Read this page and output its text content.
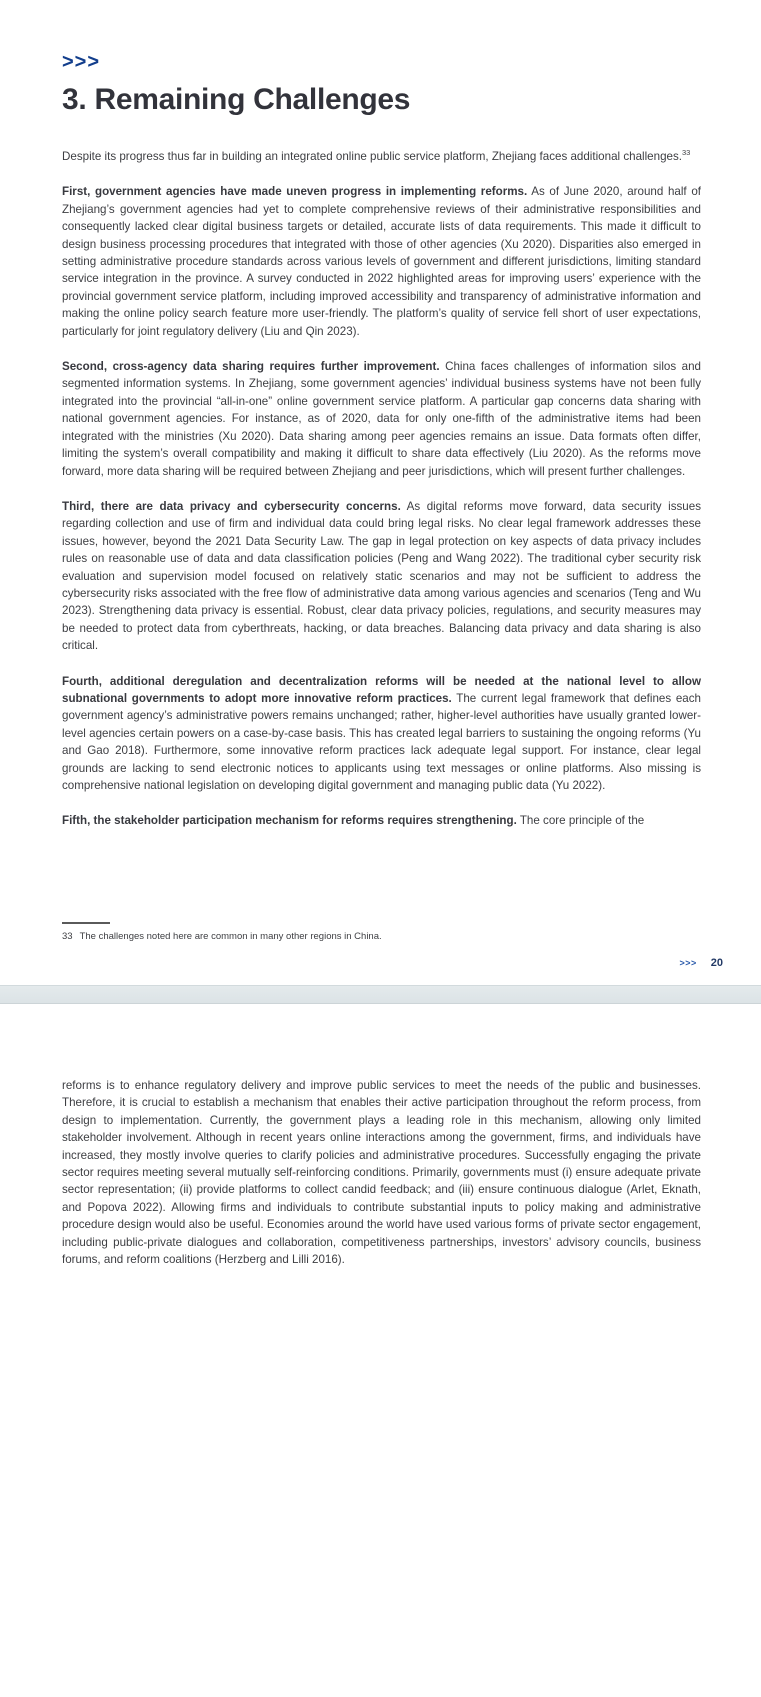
>>>
3. Remaining Challenges

Despite its progress thus far in building an integrated online public service platform, Zhejiang faces additional challenges.$^{33}$

First, government agencies have made uneven progress in implementing reforms. As of June 2020, around half of Zhejiang’s government agencies had yet to complete comprehensive reviews of their administrative responsibilities and consequently lacked clear digital business targets or detailed, accurate lists of data requirements. This made it difficult to design business processing procedures that integrated with those of other agencies (Xu 2020). Disparities also emerged in setting administrative procedure standards across various levels of government and different jurisdictions, limiting standard service integration in the province. A survey conducted in 2022 highlighted areas for improving users’ experience with the provincial government service platform, including improved accessibility and transparency of administrative information and making the online policy search feature more user-friendly. The platform’s quality of service fell short of user expectations, particularly for joint regulatory delivery (Liu and Qin 2023).

Second, cross-agency data sharing requires further improvement. China faces challenges of information silos and segmented information systems. In Zhejiang, some government agencies’ individual business systems have not been fully integrated into the provincial “all-in-one” online government service platform. A particular gap concerns data sharing with national government agencies. For instance, as of 2020, data for only one-fifth of the administrative items had been integrated with the ministries (Xu 2020). Data sharing among peer agencies remains an issue. Data formats often differ, limiting the system’s overall compatibility and making it difficult to share data effectively (Liu 2020). As the reforms move forward, more data sharing will be required between Zhejiang and peer jurisdictions, which will present further challenges.

Third, there are data privacy and cybersecurity concerns. As digital reforms move forward, data security issues regarding collection and use of firm and individual data could bring legal risks. No clear legal framework addresses these issues, however, beyond the 2021 Data Security Law. The gap in legal protection on key aspects of data privacy includes rules on reasonable use of data and data classification policies (Peng and Wang 2022). The traditional cyber security risk evaluation and supervision model focused on relatively static scenarios and may not be sufficient to address the cybersecurity risks associated with the free flow of administrative data among various agencies and scenarios (Teng and Wu 2023). Strengthening data privacy is essential. Robust, clear data privacy policies, regulations, and security measures may be needed to protect data from cyberthreats, hacking, or data breaches. Balancing data privacy and data sharing is also critical.

Fourth, additional deregulation and decentralization reforms will be needed at the national level to allow subnational governments to adopt more innovative reform practices. The current legal framework that defines each government agency’s administrative powers remains unchanged; rather, higher-level authorities have usually granted lower-level agencies certain powers on a case-by-case basis. This has created legal barriers to sustaining the ongoing reforms (Yu and Gao 2018). Furthermore, some innovative reform practices lack adequate legal support. For instance, clear legal grounds are lacking to send electronic notices to applicants using text messages or online platforms. Also missing is comprehensive national legislation on developing digital government and managing public data (Yu 2022).

Fifth, the stakeholder participation mechanism for reforms requires strengthening. The core principle of the

33 The challenges noted here are common in many other regions in China.
>>> 20

reforms is to enhance regulatory delivery and improve public services to meet the needs of the public and businesses. Therefore, it is crucial to establish a mechanism that enables their active participation throughout the reform process, from design to implementation. Currently, the government plays a leading role in this mechanism, allowing only limited stakeholder involvement. Although in recent years online interactions among the government, firms, and individuals have increased, they mostly involve queries to clarify policies and administrative procedures. Successfully engaging the private sector requires meeting several mutually self-reinforcing conditions. Primarily, governments must (i) ensure adequate private sector representation; (ii) provide platforms to collect candid feedback; and (iii) ensure continuous dialogue (Arlet, Eknath, and Popova 2022). Allowing firms and individuals to contribute substantial inputs to policy making and administrative procedure design would also be useful. Economies around the world have used various forms of private sector engagement, including public-private dialogues and collaboration, competitiveness partnerships, investors’ advisory councils, business forums, and reform coalitions (Herzberg and Lilli 2016).
